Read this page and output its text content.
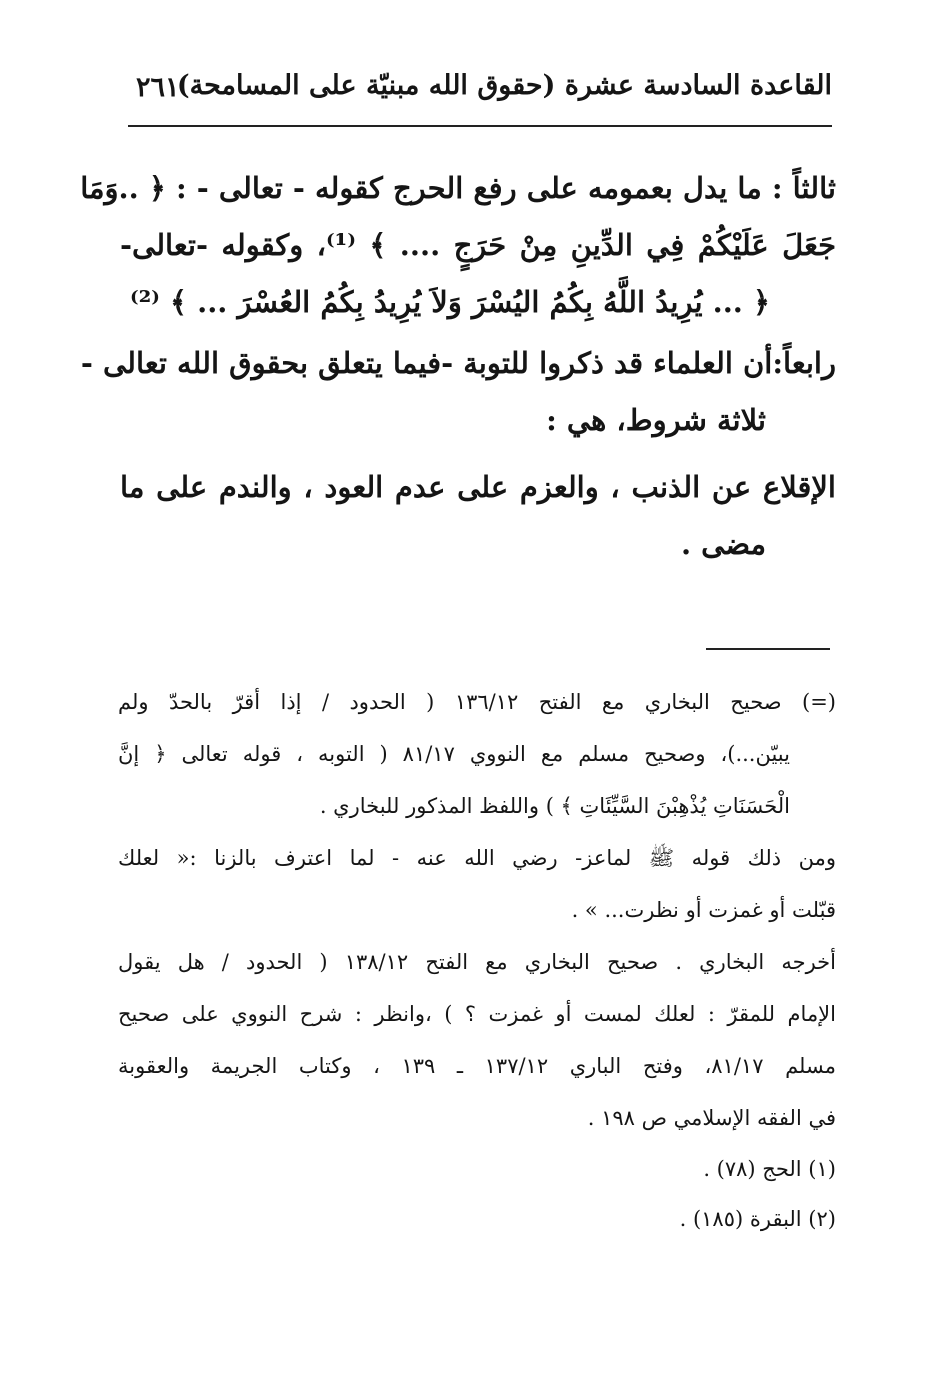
القاعدة السادسة عشرة (حقوق الله مبنيّة على المسامحة)
٢٦١
ثالثاً : ما يدل بعمومه على رفع الحرج كقوله - تعالى - : ﴿ ..وَمَا
جَعَلَ عَلَيْكُمْ فِي الدِّينِ مِنْ حَرَجٍ .... ﴾ ⁽¹⁾، وكقوله -تعالى-
﴿ ... يُرِيدُ اللَّهُ بِكُمُ اليُسْرَ وَلاَ يُرِيدُ بِكُمُ العُسْرَ ... ﴾ ⁽²⁾
رابعاً:أن العلماء قد ذكروا للتوبة -فيما يتعلق بحقوق الله تعالى -
ثلاثة شروط، هي :
الإقلاع عن الذنب ، والعزم على عدم العود ، والندم على ما
مضى .
(=) صحيح البخاري مع الفتح ١٣٦/١٢ ( الحدود / إذا أقرّ بالحدّ ولم
يبيّن...)، وصحيح مسلم مع النووي ٨١/١٧ ( التوبه ، قوله تعالى ﴿ إنَّ
الْحَسَنَاتِ يُذْهِبْنَ السَّيِّئَاتِ ﴾ ) واللفظ المذكور للبخاري .
ومن ذلك قوله ﷺ لماعز- رضي الله عنه - لما اعترف بالزنا :« لعلك
قبّلت أو غمزت أو نظرت... » .
أخرجه البخاري . صحيح البخاري مع الفتح ١٣٨/١٢ ( الحدود / هل يقول
الإمام للمقرّ : لعلك لمست أو غمزت ؟ ) ،وانظر : شرح النووي على صحيح
مسلم ٨١/١٧، وفتح الباري ١٣٧/١٢ ـ ١٣٩ ، وكتاب الجريمة والعقوبة
في الفقه الإسلامي ص ١٩٨ .
(١) الحج (٧٨) .
(٢) البقرة (١٨٥) .
